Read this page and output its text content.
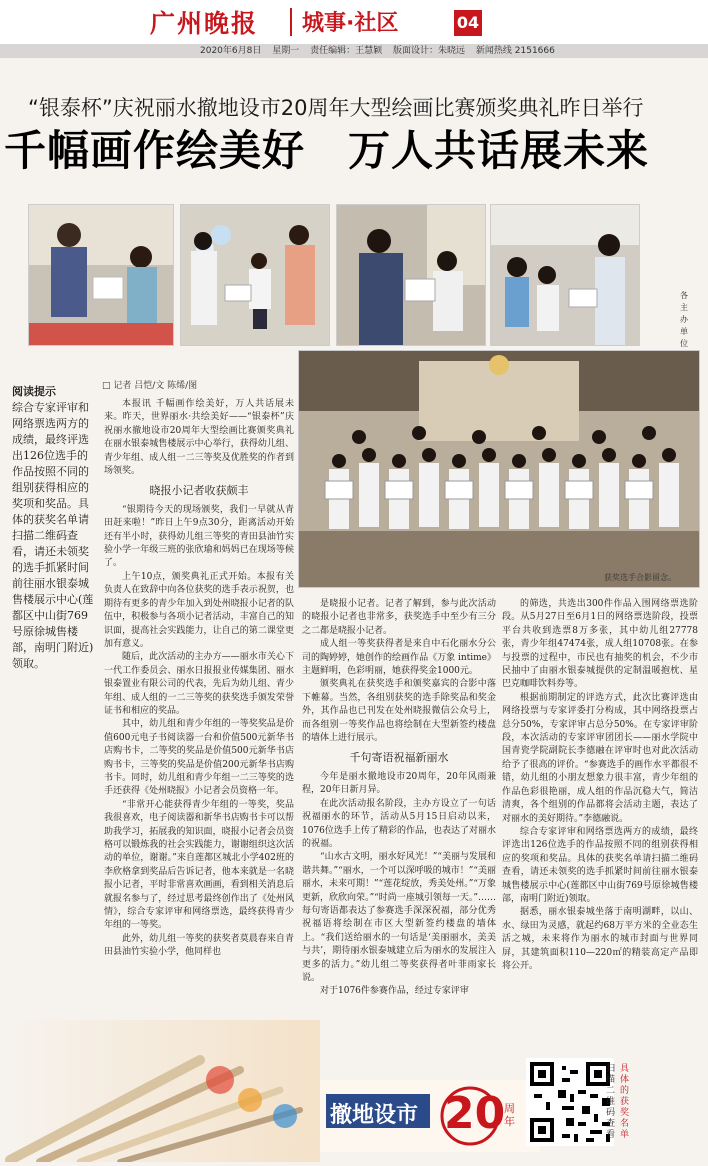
广州晚报 城事·社区	04
2020年6月8日 星期一 责任编辑：王慧颖 版面设计：朱晓远 新闻热线 2151666
“银泰杯”庆祝丽水撤地设市20周年大型绘画比赛颁奖典礼昨日举行
千幅画作绘美好　万人共话展未来
各主办单位
获奖选手合影留念。
阅读提示
综合专家评审和网络票选两方的成绩，最终评选出126位选手的作品按照不同的组别获得相应的奖项和奖品。具体的获奖名单请扫描二维码查看，请还未领奖的选手抓紧时间前往丽水银泰城售楼展示中心(莲都区中山街769号原徐城售楼部，南明门附近)领取。
□ 记者 吕恺/文 陈烯/图

本报讯 千幅画作绘美好，万人共话展未来。昨天，世界丽水·共绘美好——“银泰杯”庆祝丽水撤地设市20周年大型绘画比赛颁奖典礼在丽水银泰城售楼展示中心举行，获得幼儿组、青少年组、成人组一二三等奖及优胜奖的作者到场领奖。

晓报小记者收获颇丰

“银期待今天的现场颁奖，我们一早就从青田赶来啦！”昨日上午9点30分，距离活动开始还有半小时，获得幼儿组三等奖的青田县油竹实验小学一年级三班的张欣瑜和妈妈已在现场等候了。

上午10点，颁奖典礼正式开始。本报有关负责人在致辞中向各位获奖的选手表示祝贺，也期待有更多的青少年加入到处州晓报小记者的队伍中，积极参与各项小记者活动，丰富自己的知识面，提高社会实践能力，让自己的第二课堂更加有意义。

随后，此次活动的主办方——丽水市关心下一代工作委员会、丽水日报报业传媒集团、丽水银泰置业有限公司的代表，先后为幼儿组、青少年组、成人组的一二三等奖的获奖选手颁发荣誉证书和相应的奖品。

其中，幼儿组和青少年组的一等奖奖品是价值600元电子书阅读器一台和价值500元新华书店购书卡，二等奖的奖品是价值500元新华书店购书卡，三等奖的奖品是价值200元新华书店购书卡。同时，幼儿组和青少年组一二三等奖的选手还获得《处州晓报》小记者会员资格一年。

“非常开心能获得青少年组的一等奖，奖品我很喜欢，电子阅读器和新华书店购书卡可以帮助我学习，拓展我的知识面，晓报小记者会员资格可以锻炼我的社会实践能力，谢谢组织这次活动的单位，谢谢。”来自莲都区城北小学402班的李欣格拿到奖品后告诉记者，他本来就是一名晓报小记者，平时非常喜欢画画，看到相关消息后就报名参与了，经过思考最终创作出了《处州风情》，综合专家评审和网络票选，最终获得青少年组的一等奖。

此外，幼儿组一等奖的获奖者莫晨春来自青田县油竹实验小学，他同样也

是晓报小记者。记者了解到，参与此次活动的晓报小记者也非常多，获奖选手中至少有三分之二都是晓报小记者。

成人组一等奖获得者是来自中石化丽水分公司的陶婷婷，她创作的绘画作品《万象 intime》主题鲜明，色彩明丽，她获得奖金1000元。

颁奖典礼在获奖选手和颁奖嘉宾的合影中落下帷幕。当然，各组别获奖的选手除奖品和奖金外，其作品也已刊发在处州晓报微信公众号上，而各组别一等奖作品也将绘制在大型新签约楼盘的墙体上进行展示。

千句寄语祝福新丽水

今年是丽水撤地设市20周年，20年风雨兼程，20年日新月异。

在此次活动报名阶段，主办方设立了一句话祝福丽水的环节，活动从5月15日启动以来，1076位选手上传了精彩的作品，也表达了对丽水的祝福。

“山水古文明，丽水好风光！”“美丽与发展和谐共舞。”“丽水，一个可以深呼吸的城市！”“美丽丽水，未来可期！”“莲花绽放，秀美处州。”“万象更新，欣欣向荣。”“时尚一座城引领每一天。”……每句寄语都表达了参赛选手深深祝福，部分优秀祝福语将绘制在市区大型新签约楼盘的墙体上。“我们送给丽水的一句话是‘美丽丽水，美美与共’，期待丽水银泰城建立后为丽水的发展注入更多的活力。”幼儿组二等奖获得者叶菲雨家长说。

对于1076件参赛作品，经过专家评审

的筛选，共选出300件作品入围网络票选阶段。从5月27日至6月1日的网络票选阶段，投票平台共收到选票8万多张，其中幼儿组27778张，青少年组47474张，成人组10708张。在参与投票的过程中，市民也有抽奖的机会，不少市民抽中了由丽水银泰城提供的定制温暖抱枕、星巴克咖啡饮料券等。

根据前期制定的评选方式，此次比赛评选由网络投票与专家评委打分构成，其中网络投票占总分50%，专家评审占总分50%。在专家评审阶段，本次活动的专家评审团团长——丽水学院中国青瓷学院副院长李德融在评审时也对此次活动给予了很高的评价。“参赛选手的画作水平都很不错，幼儿组的小朋友想象力很丰富，青少年组的作品色彩很艳丽，成人组的作品沉稳大气，简洁清爽，各个组别的作品都将会活动主题，表达了对丽水的美好期待。”李德融说。

综合专家评审和网络票选两方的成绩，最终评选出126位选手的作品按照不同的组别获得相应的奖项和奖品。具体的获奖名单请扫描二维码查看，请还未领奖的选手抓紧时间前往丽水银泰城售楼展示中心(莲都区中山街769号原徐城售楼部，南明门附近)领取。

据悉，丽水银泰城坐落于南明湖畔，以山、水、绿田为灵感，就起约68万平方米的全业态生活之城，未来将作为丽水的城市封面与世界同屏，其建筑面积110—220㎡的精装高定产品即将公开。

撤地设市 20
周年
扫描二维码查看
具体的获奖名单
